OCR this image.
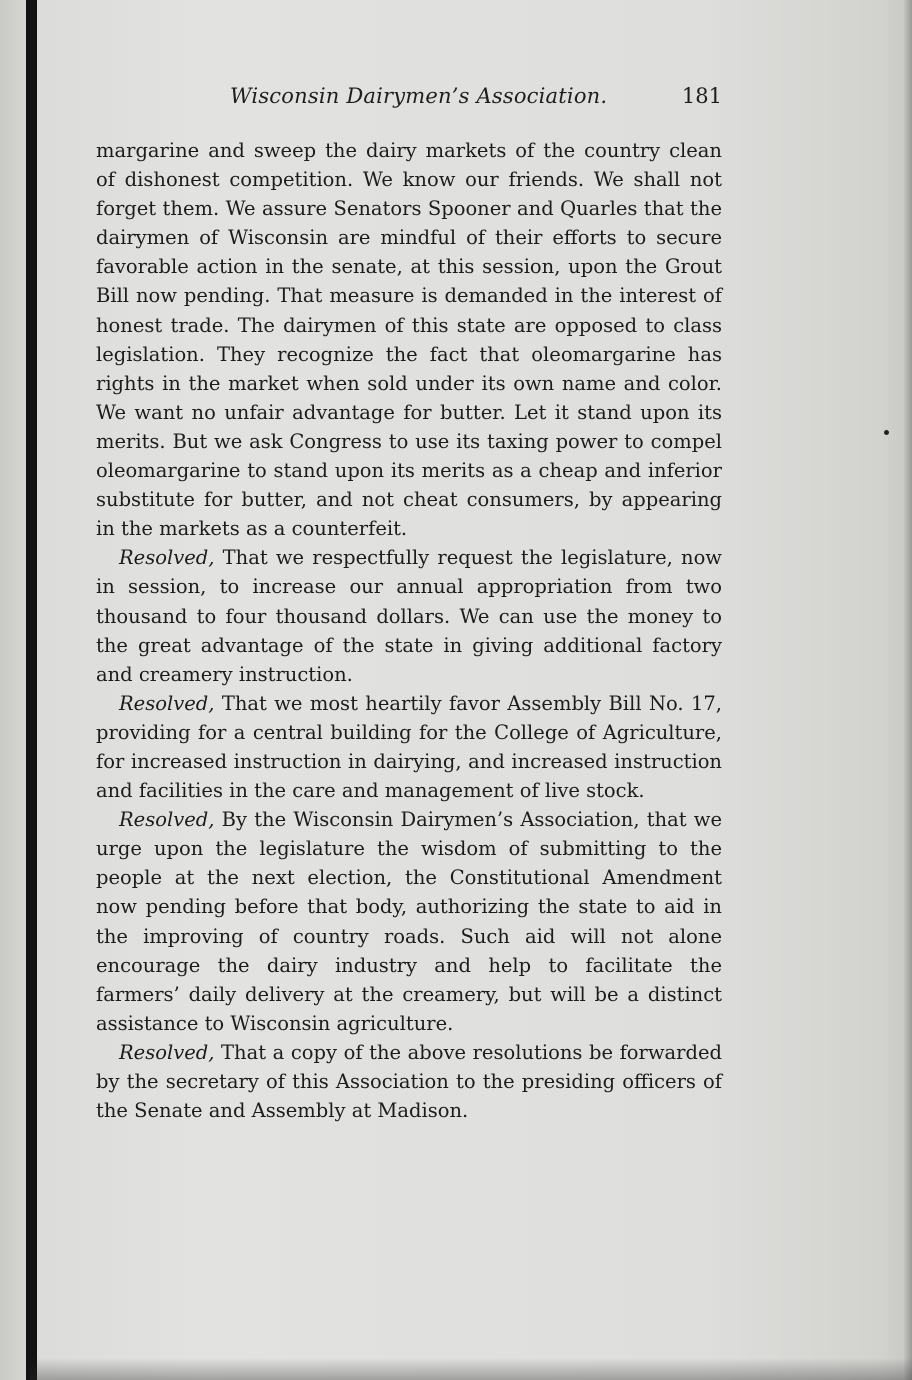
Wisconsin Dairymen’s Association.	181

margarine and sweep the dairy markets of the country clean of dishonest competition. We know our friends. We shall not forget them. We assure Senators Spooner and Quarles that the dairymen of Wisconsin are mindful of their efforts to secure favorable action in the senate, at this session, upon the Grout Bill now pending. That measure is demanded in the interest of honest trade. The dairymen of this state are opposed to class legislation. They recognize the fact that oleomargarine has rights in the market when sold under its own name and color. We want no unfair advantage for butter. Let it stand upon its merits. But we ask Congress to use its taxing power to compel oleomargarine to stand upon its merits as a cheap and inferior substitute for butter, and not cheat consumers, by appearing in the markets as a counterfeit.

Resolved, That we respectfully request the legislature, now in session, to increase our annual appropriation from two thousand to four thousand dollars. We can use the money to the great advantage of the state in giving additional factory and creamery instruction.

Resolved, That we most heartily favor Assembly Bill No. 17, providing for a central building for the College of Agriculture, for increased instruction in dairying, and increased instruction and facilities in the care and management of live stock.

Resolved, By the Wisconsin Dairymen’s Association, that we urge upon the legislature the wisdom of submitting to the people at the next election, the Constitutional Amendment now pending before that body, authorizing the state to aid in the improving of country roads. Such aid will not alone encourage the dairy industry and help to facilitate the farmers’ daily delivery at the creamery, but will be a distinct assistance to Wisconsin agriculture.

Resolved, That a copy of the above resolutions be forwarded by the secretary of this Association to the presiding officers of the Senate and Assembly at Madison.
